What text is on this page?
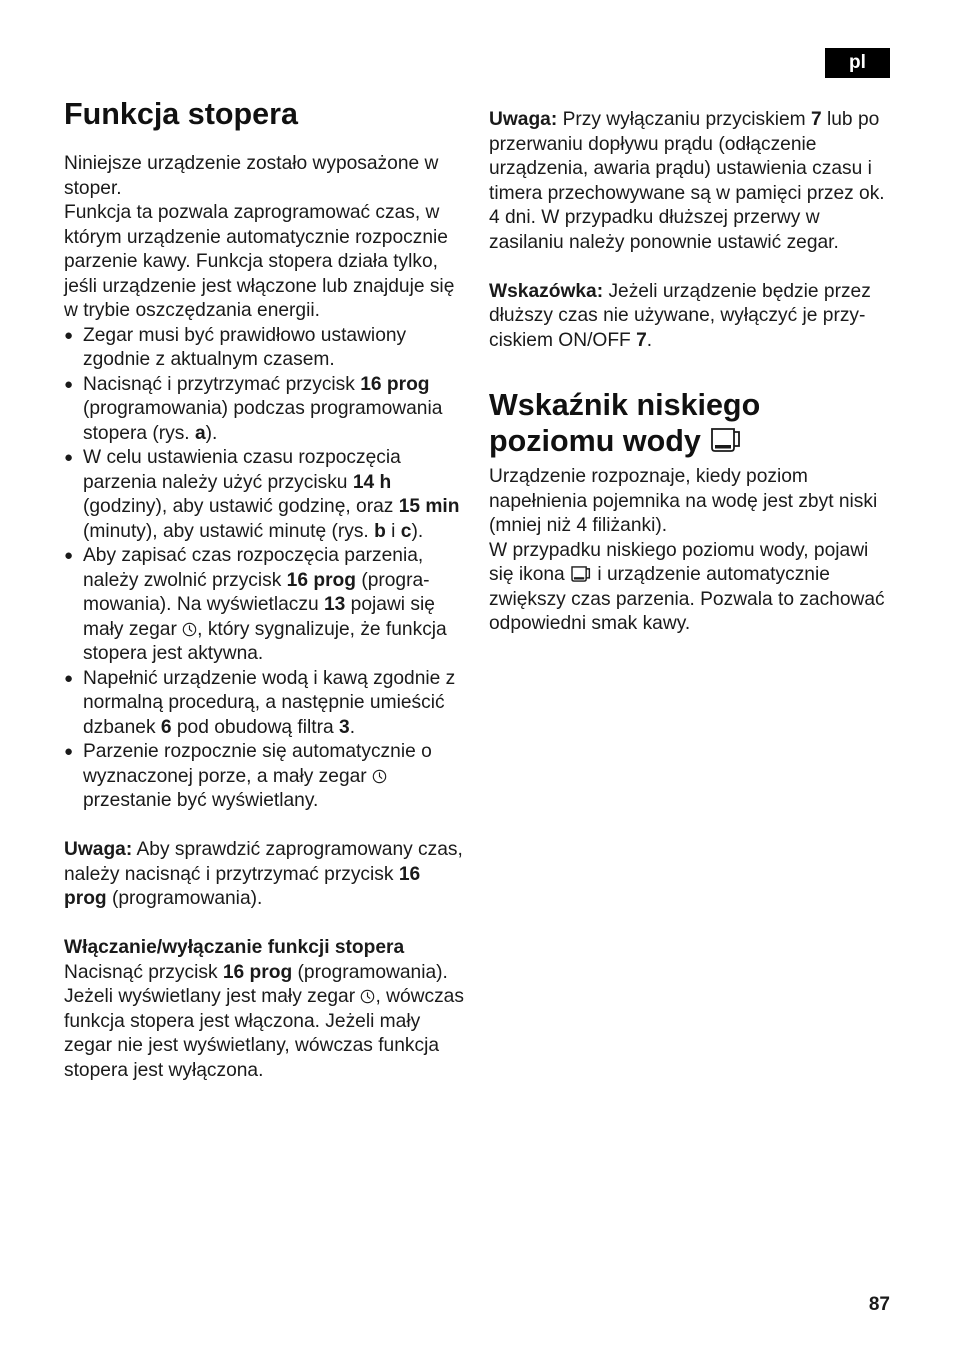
pl
Funkcja stopera

Niniejsze urządzenie zostało wyposażone w stoper.

Funkcja ta pozwala zaprogramować czas, w którym urządzenie automatycznie rozpocznie parzenie kawy. Funkcja stopera działa tylko, jeśli urządzenie jest włączone lub znajduje się w trybie oszczędzania energii.

● Zegar musi być prawidłowo ustawiony zgodnie z aktualnym czasem.
● Nacisnąć i przytrzymać przycisk 16 prog (programowania) podczas programowania stopera (rys. a).
● W celu ustawienia czasu rozpoczęcia parzenia należy użyć przycisku 14 h (godziny), aby ustawić godzinę, oraz 15 min (minuty), aby ustawić minutę (rys. b i c).
● Aby zapisać czas rozpoczęcia parzenia, należy zwolnić przycisk 16 prog (programowania). Na wyświetlaczu 13 pojawi się mały zegar , który sygnalizuje, że funkcja stopera jest aktywna.
● Napełnić urządzenie wodą i kawą zgodnie z normalną procedurą, a następnie umieścić dzbanek 6 pod obudową filtra 3.
● Parzenie rozpocznie się automatycznie o wyznaczonej porze, a mały zegar  przestanie być wyświetlany.

Uwaga: Aby sprawdzić zaprogramowany czas, należy nacisnąć i przytrzymać przycisk 16 prog (programowania).

Włączanie/wyłączanie funkcji stopera

Nacisnąć przycisk 16 prog (programowania). Jeżeli wyświetlany jest mały zegar , wówczas funkcja stopera jest włączona. Jeżeli mały zegar nie jest wyświetlany, wówczas funkcja stopera jest wyłączona.

Uwaga: Przy wyłączaniu przyciskiem 7 lub po przerwaniu dopływu prądu (odłączenie urządzenia, awaria prądu) ustawienia czasu i timera przechowywane są w pamięci przez ok. 4 dni. W przypadku dłuższej przerwy w zasilaniu należy ponownie ustawić zegar.

Wskazówka: Jeżeli urządzenie będzie przez dłuższy czas nie używane, wyłączyć je przyciskiem ON/OFF 7.

Wskaźnik niskiego
poziomu wody

Urządzenie rozpoznaje, kiedy poziom napełnienia pojemnika na wodę jest zbyt niski (mniej niż 4 filiżanki).

W przypadku niskiego poziomu wody, pojawi się ikona  i urządzenie automatycznie zwiększy czas parzenia. Pozwala to zachować odpowiedni smak kawy.

87
